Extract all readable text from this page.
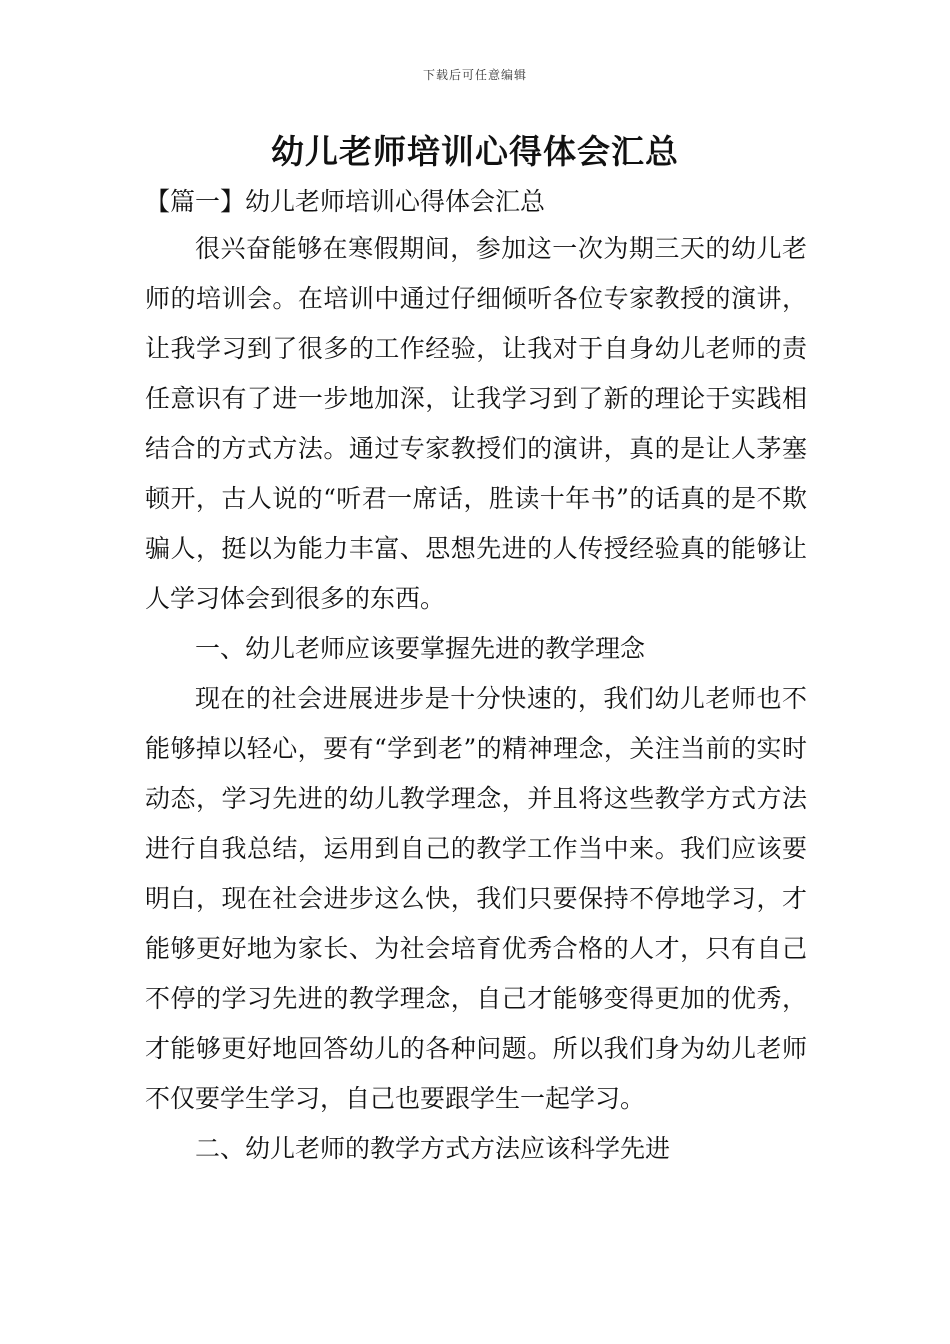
下载后可任意编辑
幼儿老师培训心得体会汇总
【篇一】幼儿老师培训心得体会汇总

很兴奋能够在寒假期间，参加这一次为期三天的幼儿老师的培训会。在培训中通过仔细倾听各位专家教授的演讲，让我学习到了很多的工作经验，让我对于自身幼儿老师的责任意识有了进一步地加深，让我学习到了新的理论于实践相结合的方式方法。通过专家教授们的演讲，真的是让人茅塞顿开，古人说的“听君一席话，胜读十年书”的话真的是不欺骗人，挺以为能力丰富、思想先进的人传授经验真的能够让人学习体会到很多的东西。

一、幼儿老师应该要掌握先进的教学理念

现在的社会进展进步是十分快速的，我们幼儿老师也不能够掉以轻心，要有“学到老”的精神理念，关注当前的实时动态，学习先进的幼儿教学理念，并且将这些教学方式方法进行自我总结，运用到自己的教学工作当中来。我们应该要明白，现在社会进步这么快，我们只要保持不停地学习，才能够更好地为家长、为社会培育优秀合格的人才，只有自己不停的学习先进的教学理念，自己才能够变得更加的优秀，才能够更好地回答幼儿的各种问题。所以我们身为幼儿老师不仅要学生学习，自己也要跟学生一起学习。

二、幼儿老师的教学方式方法应该科学先进
